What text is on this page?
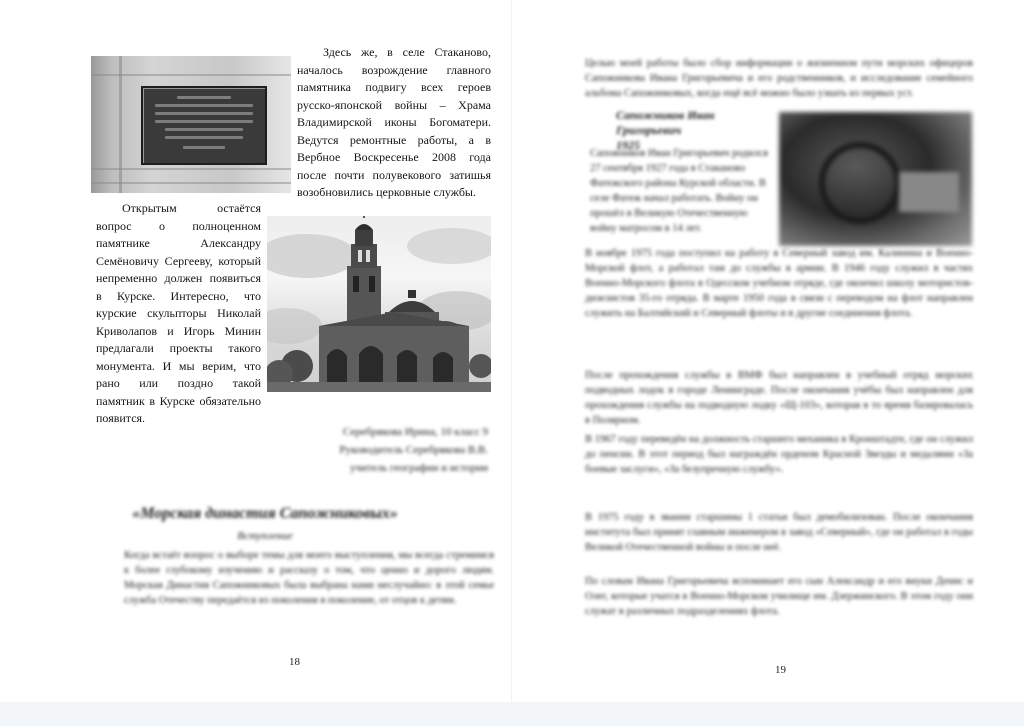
Здесь же, в селе Стаканово, началось возрождение главного памятника подвигу всех героев русско-японской войны – Храма Владимирской иконы Богоматери. Ведутся ремонтные работы, а в Вербное Воскресенье 2008 года после почти полувекового затишья возобновились церковные службы.

Открытым остаётся вопрос о полноценном памятнике Александру Семёновичу Сергееву, который непременно должен появиться в Курске. Интересно, что курские скульпторы Николай Криволапов и Игорь Минин предлагали проекты такого монумента. И мы верим, что рано или поздно такой памятник в Курске обязательно появится.

Серебрякова Ирина, 10 класс 9
Руководитель Серебрякова В.В.
учитель географии и истории
«Морская династия Сапожниковых»
Вступление
Когда встаёт вопрос о выборе темы для моего выступления, мы всегда стремимся к более глубокому изучению и рассказу о том, что ценно и дорого людям. Морская Династия Сапожниковых была выбрана нами неслучайно: в этой семье служба Отечеству передаётся из поколения в поколение, от отцов к детям.
18
Целью моей работы было сбор информации о жизненном пути морских офицеров Сапожникова Ивана Григорьевича и его родственников, и исследование семейного альбома Сапожниковых, когда ещё всё можно было узнать из первых уст.
Сапожников Иван Григорьевич
1925
Сапожников Иван Григорьевич родился 27 сентября 1927 года в Стаканово Фатежского района Курской области. В селе Фатеж начал работать. Войну он прошёл в Великую Отечественную войну матросом в 14 лет.
В ноябре 1975 года поступил на работу в Северный завод им. Калинина и Военно-Морской флот, а работал там до службы в армии. В 1946 году служил в частях Военно-Морского флота в Одесском учебном отряде, где окончил школу мотористов-дизелистов 35-го отряда. В марте 1950 года в связи с переводом на флот направлен служить на Балтийский и Северный флоты и в другие соединения флота.
После прохождения службы в ВМФ был направлен в учебный отряд морских подводных лодок в городе Ленинграде. После окончания учёбы был направлен для прохождения службы на подводную лодку «Щ-103», которая в то время базировалась в Полярном.
В 1967 году переведён на должность старшего механика в Кронштадте, где он служил до пенсии. В этот период был награждён орденом Красной Звезды и медалями «За боевые заслуги», «За безупречную службу».
В 1975 году в звании старшины 1 статьи был демобилизован. После окончания института был принят главным инженером в завод «Северный», где он работал в годы Великой Отечественной войны и после неё.
По словам Ивана Григорьевича вспоминает его сын Александр и его внуки Денис и Олег, которые учатся в Военно-Морском училище им. Дзержинского. В этом году они служат в различных подразделениях флота.
19
